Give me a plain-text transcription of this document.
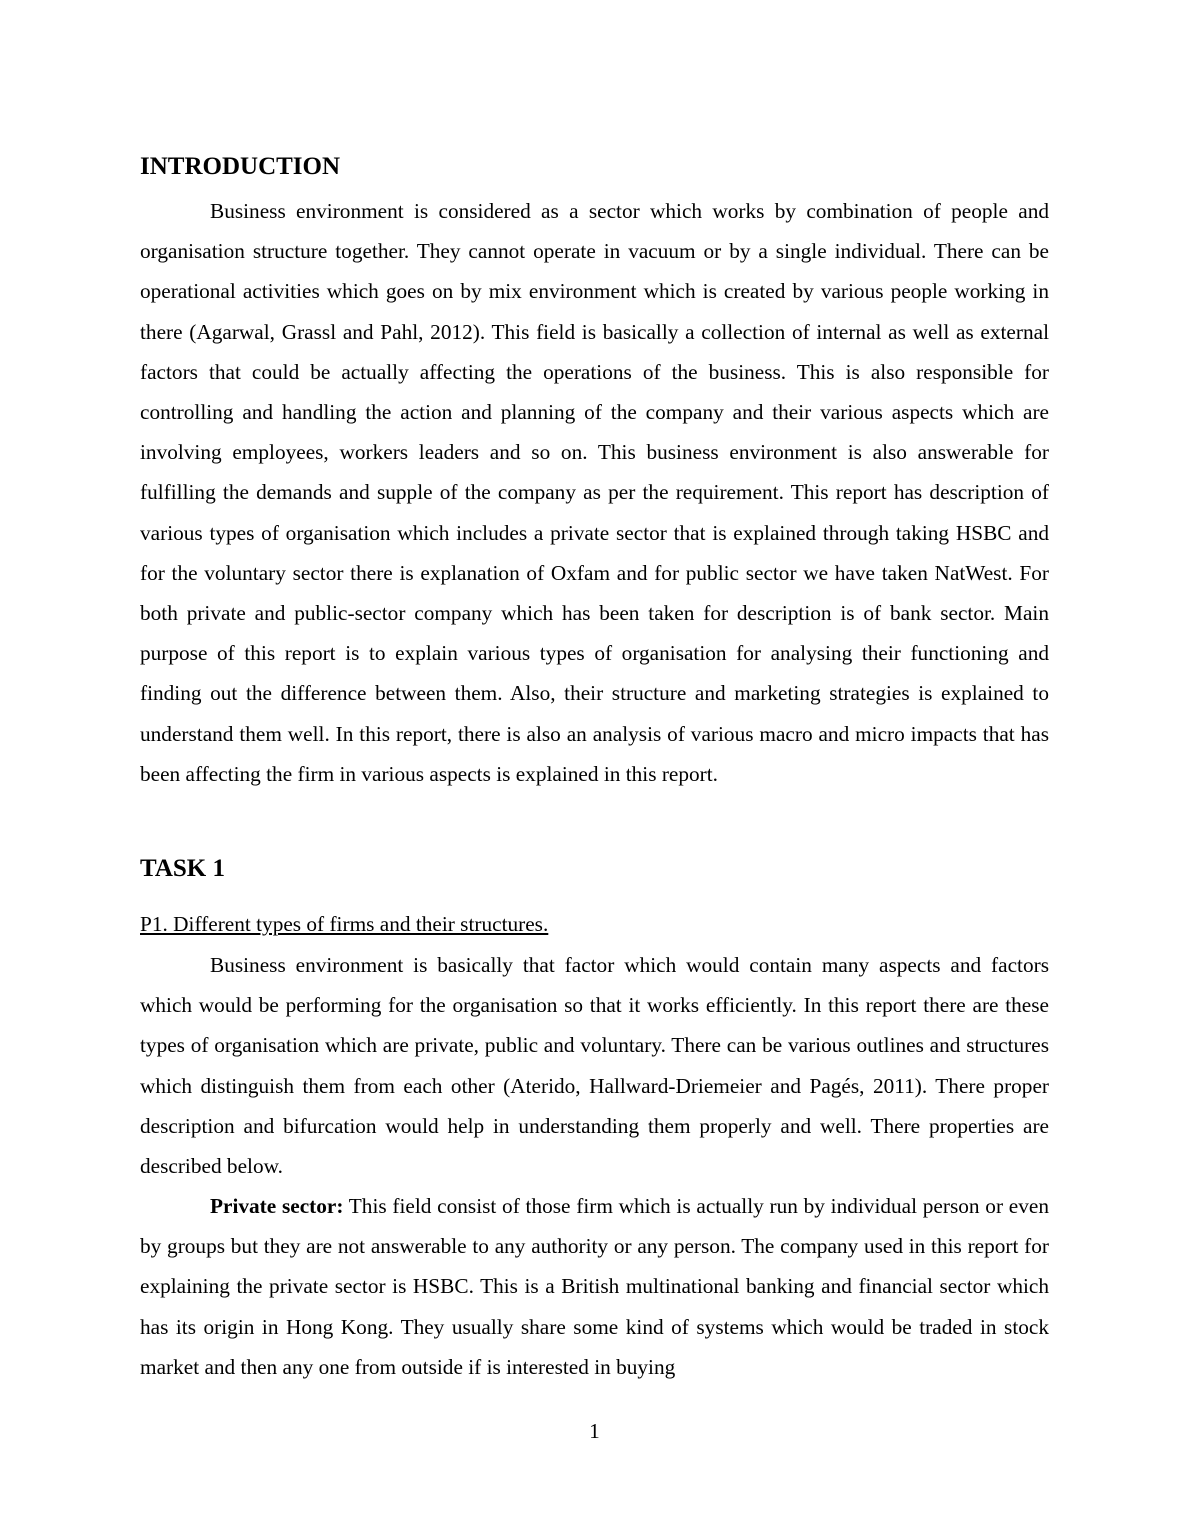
INTRODUCTION

Business environment is considered as a sector which works by combination of people and organisation structure together. They cannot operate in vacuum or by a single individual. There can be operational activities which goes on by mix environment which is created by various people working in there (Agarwal, Grassl and Pahl, 2012). This field is basically a collection of internal as well as external factors that could be actually affecting the operations of the business. This is also responsible for controlling and handling the action and planning of the company and their various aspects which are involving employees, workers leaders and so on. This business environment is also answerable for fulfilling the demands and supple of the company as per the requirement. This report has description of various types of organisation which includes a private sector that is explained through taking HSBC and for the voluntary sector there is explanation of Oxfam and for public sector we have taken NatWest. For both private and public-sector company which has been taken for description is of bank sector. Main purpose of this report is to explain various types of organisation for analysing their functioning and finding out the difference between them. Also, their structure and marketing strategies is explained to understand them well. In this report, there is also an analysis of various macro and micro impacts that has been affecting the firm in various aspects is explained in this report.

TASK 1

P1. Different types of firms and their structures.

Business environment is basically that factor which would contain many aspects and factors which would be performing for the organisation so that it works efficiently. In this report there are these types of organisation which are private, public and voluntary. There can be various outlines and structures which distinguish them from each other (Aterido, Hallward-Driemeier and Pagés, 2011). There proper description and bifurcation would help in understanding them properly and well. There properties are described below.

Private sector: This field consist of those firm which is actually run by individual person or even by groups but they are not answerable to any authority or any person. The company used in this report for explaining the private sector is HSBC. This is a British multinational banking and financial sector which has its origin in Hong Kong. They usually share some kind of systems which would be traded in stock market and then any one from outside if is interested in buying

1
